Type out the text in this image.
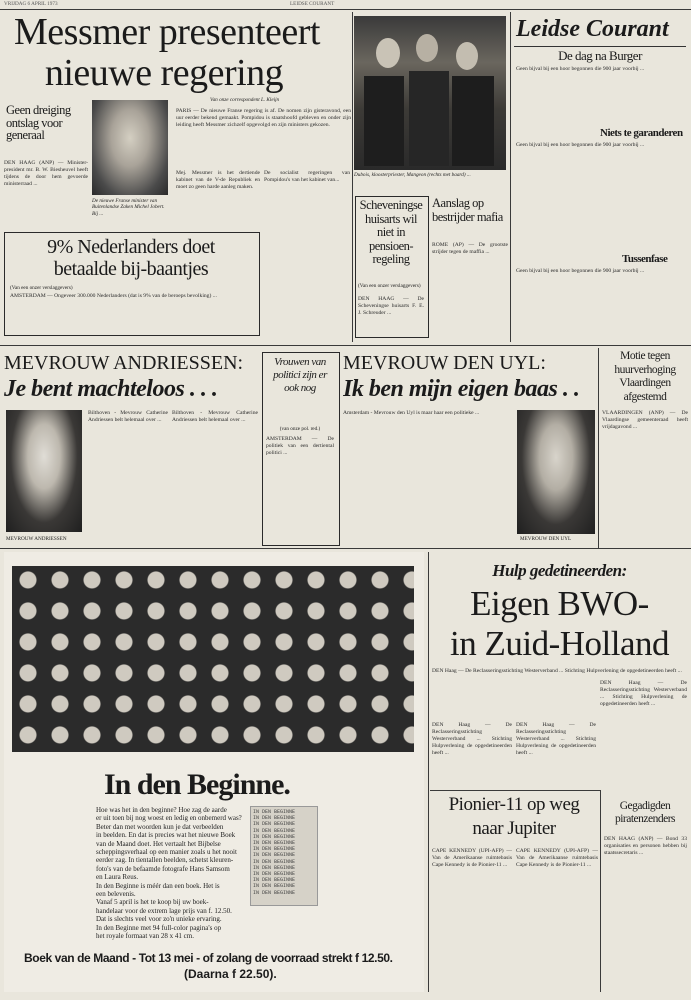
VRIJDAG 6 APRIL 1973	LEIDSE COURANT
Messmer presenteert
nieuwe regering
Geen dreiging ontslag voor generaal
DEN HAAG (ANP) — Minister-president mr. B. W. Biesheuvel heeft tijdens de door hem gevoerde ministerraad ...
De nieuwe Franse minister van Buitenlandse Zaken Michel Jobert. Bij ...
Van onze correspondent L. Kleijn
PARIS — De nieuwe Franse regering is af. De nomen zijn gisteravond, een uur eerder bekend gemaakt. Pompidou is staatshoofd gebleven en onder zijn leiding heeft Messmer zichzelf opgevolgd en zijn ministers gekozen.
Mej. Messmer is het dertiende kabinet van de V-de Republiek en moet zo geen harde aanleg maken.
De socialist regeringen van Pompidou's van het kabinet van...
9% Nederlanders doet
betaalde bij-baantjes
(Van een onzer verslaggevers)
AMSTERDAM — Ongeveer 300.000 Nederlanders (dat is 9% van de beroeps bevolking) ...
Dubois, kloosterpriester, Mangeon (rechts met baard) ...
Scheveningse huisarts wil niet in pensioen-regeling
(Van een onzer verslaggevers)
DEN HAAG — De Scheveningse huisarts F. E. J. Schreuder ...
Aanslag op bestrijder mafia
ROME (AP) — De grootste strijder tegen de maffia ...
Leidse Courant
De dag na Burger
Geen bijval bij een hoor begonnen die 900 jaar voorbij ...
Niets te garanderen
Geen bijval bij een hoor begonnen die 900 jaar voorbij ...
Tussenfase
Geen bijval bij een hoor begonnen die 900 jaar voorbij ...
MEVROUW ANDRIESSEN:
Je bent machteloos . . .
MEVROUW ANDRIESSEN
Bilthoven - Mevrouw Catherine Andriessen belt helemaal over ...
Bilthoven - Mevrouw Catherine Andriessen belt helemaal over ...
Vrouwen van politici zijn er ook nog
(van onze pol. red.)
AMSTERDAM — De politiek van een dertiental politici ...
MEVROUW DEN UYL:
Ik ben mijn eigen baas . .
Amsterdam - Mevrouw den Uyl is maar haar een politieke ...
MEVROUW DEN UYL
Motie tegen huurverhoging Vlaardingen afgestemd
VLAARDINGEN (ANP) — De Vlaardingse gemeenteraad heeft vrijdagavond ...
In den Beginne.
Hoe was het in den beginne? Hoe zag de aarde
er uit toen bij nog woest en ledig en onbemerd was?
Beter dan met woorden kun je dat verbeelden
in beelden. En dat is precies wat het nieuwe Boek
van de Maand doet. Het vertaalt het Bijbelse
scheppingsverhaal op een manier zoals u het nooit
eerder zag. In tientallen beelden, schetst kleuren-
foto's van de befaamde fotografe Hans Samsom
en Laura Reus.
In den Beginne is méér dan een boek. Het is
een belevenis.
Vanaf 5 april is het te koop bij uw boek-
handelaar voor de extrem lage prijs van f. 12.50.
Dat is slechts veel voor zo'n unieke ervaring.
In den Beginne met 94 full-color pagina's op
het royale formaat van 28 x 41 cm.
IN DEN BEGINNE
IN DEN BEGINNE
IN DEN BEGINNE
IN DEN BEGINNE
IN DEN BEGINNE
IN DEN BEGINNE
IN DEN BEGINNE
IN DEN BEGINNE
IN DEN BEGINNE
IN DEN BEGINNE
IN DEN BEGINNE
IN DEN BEGINNE
IN DEN BEGINNE
IN DEN BEGINNE
Boek van de Maand - Tot 13 mei - of zolang de voorraad strekt f 12.50.
(Daarna f 22.50).
Hulp gedetineerden:
Eigen BWO-
in Zuid-Holland
DEN Haag — De Reclasseringsstichting Westerverband ... Stichting Hulpverlening de opgedetineerden heeft ...
DEN Haag — De Reclasseringsstichting Westerverband ... Stichting Hulpverlening de opgedetineerden heeft ...
DEN Haag — De Reclasseringsstichting Westerverband ... Stichting Hulpverlening de opgedetineerden heeft ...
DEN Haag — De Reclasseringsstichting Westerverband ... Stichting Hulpverlening de opgedetineerden heeft ...
Pionier-11 op weg
naar Jupiter
CAPE KENNEDY (UPI-AFP) — Van de Amerikaanse ruimtebasis Cape Kennedy is de Pionier-11 ...
CAPE KENNEDY (UPI-AFP) — Van de Amerikaanse ruimtebasis Cape Kennedy is de Pionier-11 ...
Gegadigden piratenzenders
DEN HAAG (ANP) — Bond 33 organisaties en personen hebben bij staatssecretaris ...
